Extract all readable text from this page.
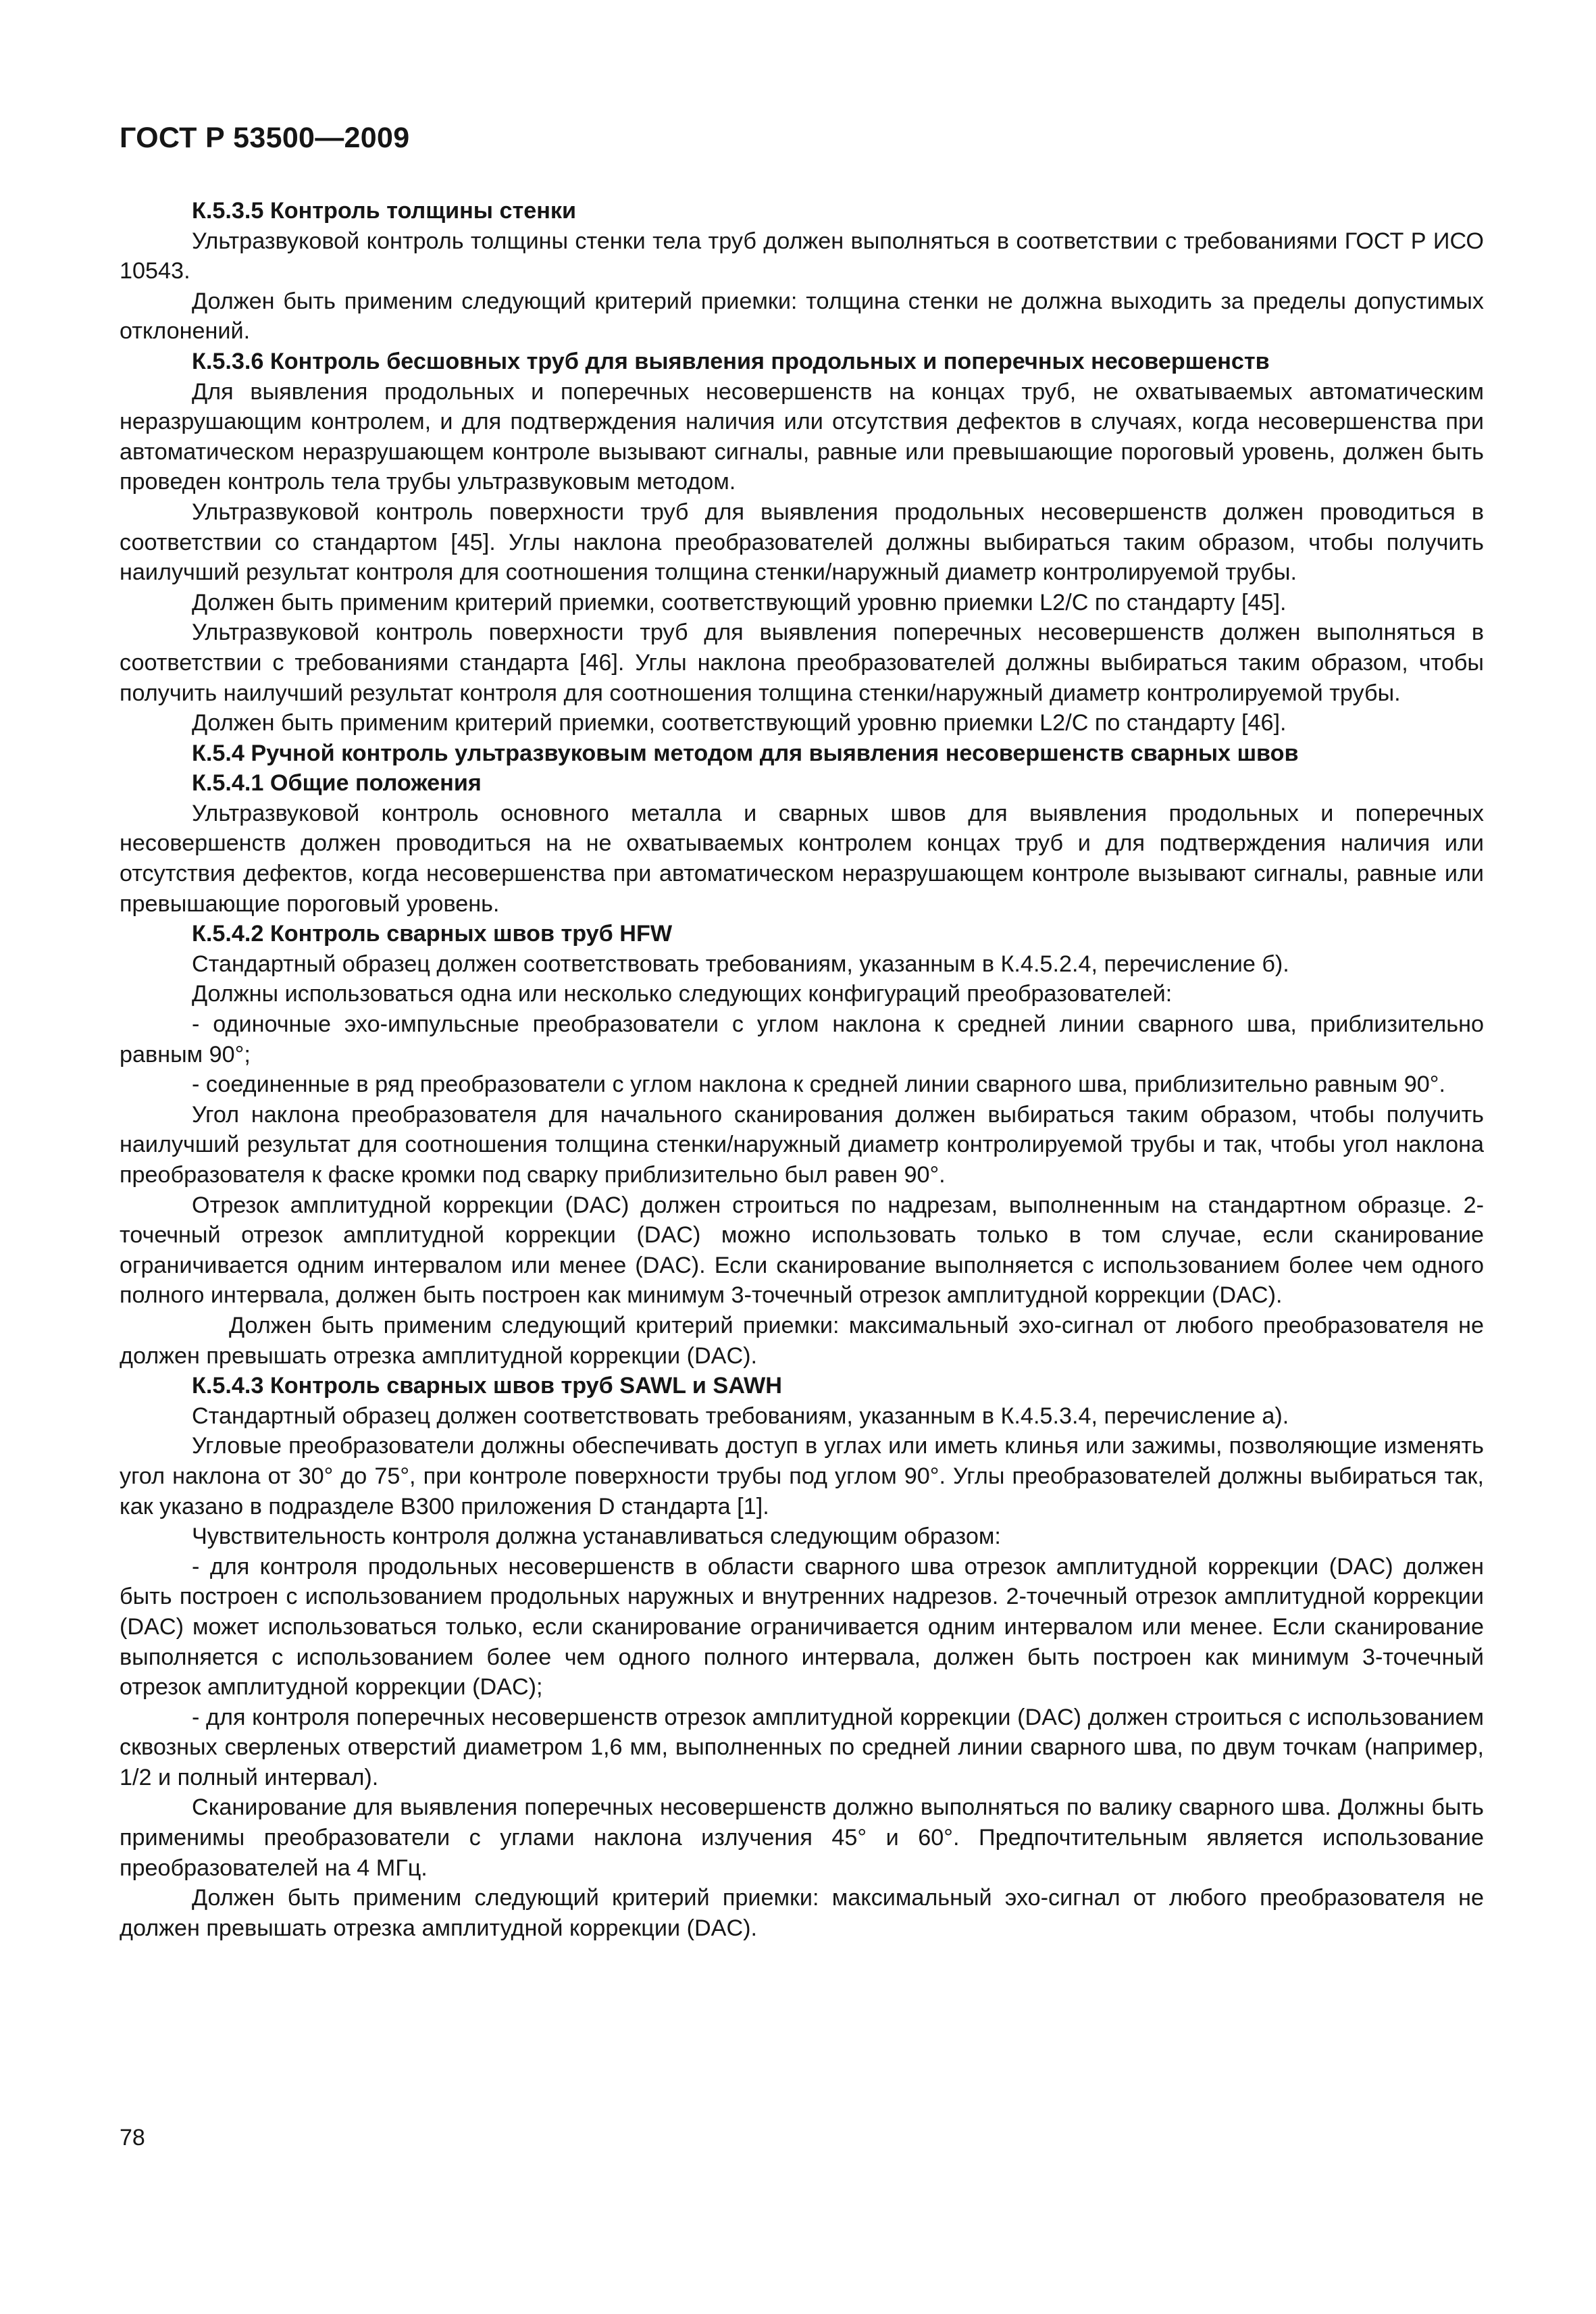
ГОСТ Р 53500—2009

К.5.3.5 Контроль толщины стенки

Ультразвуковой контроль толщины стенки тела труб должен выполняться в соответствии с требованиями ГОСТ Р ИСО 10543.

Должен быть применим следующий критерий приемки: толщина стенки не должна выходить за пределы допустимых отклонений.

К.5.3.6 Контроль бесшовных труб для выявления продольных и поперечных несовершенств

Для выявления продольных и поперечных несовершенств на концах труб, не охватываемых автоматическим неразрушающим контролем, и для подтверждения наличия или отсутствия дефектов в случаях, когда несовершенства при автоматическом неразрушающем контроле вызывают сигналы, равные или превышающие пороговый уровень, должен быть проведен контроль тела трубы ультразвуковым методом.

Ультразвуковой контроль поверхности труб для выявления продольных несовершенств должен проводиться в соответствии со стандартом [45]. Углы наклона преобразователей должны выбираться таким образом, чтобы получить наилучший результат контроля для соотношения толщина стенки/наружный диаметр контролируемой трубы.

Должен быть применим критерий приемки, соответствующий уровню приемки L2/C по стандарту [45].

Ультразвуковой контроль поверхности труб для выявления поперечных несовершенств должен выполняться в соответствии с требованиями стандарта [46]. Углы наклона преобразователей должны выбираться таким образом, чтобы получить наилучший результат контроля для соотношения толщина стенки/наружный диаметр контролируемой трубы.

Должен быть применим критерий приемки, соответствующий уровню приемки L2/C по стандарту [46].

К.5.4 Ручной контроль ультразвуковым методом для выявления несовершенств сварных швов

К.5.4.1 Общие положения

Ультразвуковой контроль основного металла и сварных швов для выявления продольных и поперечных несовершенств должен проводиться на не охватываемых контролем концах труб и для подтверждения наличия или отсутствия дефектов, когда несовершенства при автоматическом неразрушающем контроле вызывают сигналы, равные или превышающие пороговый уровень.

К.5.4.2 Контроль сварных швов труб HFW

Стандартный образец должен соответствовать требованиям, указанным в К.4.5.2.4, перечисление б).

Должны использоваться одна или несколько следующих конфигураций преобразователей:

- одиночные эхо-импульсные преобразователи с углом наклона к средней линии сварного шва, приблизительно равным 90°;

- соединенные в ряд преобразователи с углом наклона к средней линии сварного шва, приблизительно равным 90°.

Угол наклона преобразователя для начального сканирования должен выбираться таким образом, чтобы получить наилучший результат для соотношения толщина стенки/наружный диаметр контролируемой трубы и так, чтобы угол наклона преобразователя к фаске кромки под сварку приблизительно был равен 90°.

Отрезок амплитудной коррекции (DAC) должен строиться по надрезам, выполненным на стандартном образце. 2-точечный отрезок амплитудной коррекции (DAC) можно использовать только в том случае, если сканирование ограничивается одним интервалом или менее (DAC). Если сканирование выполняется с использованием более чем одного полного интервала, должен быть построен как минимум 3-точечный отрезок амплитудной коррекции (DAC).

Должен быть применим следующий критерий приемки: максимальный эхо-сигнал от любого преобразователя не должен превышать отрезка амплитудной коррекции (DAC).

К.5.4.3 Контроль сварных швов труб SAWL и SAWH

Стандартный образец должен соответствовать требованиям, указанным в К.4.5.3.4, перечисление а).

Угловые преобразователи должны обеспечивать доступ в углах или иметь клинья или зажимы, позволяющие изменять угол наклона от 30° до 75°, при контроле поверхности трубы под углом 90°. Углы преобразователей должны выбираться так, как указано в подразделе В300 приложения D стандарта [1].

Чувствительность контроля должна устанавливаться следующим образом:

- для контроля продольных несовершенств в области сварного шва отрезок амплитудной коррекции (DAC) должен быть построен с использованием продольных наружных и внутренних надрезов. 2-точечный отрезок амплитудной коррекции (DAC) может использоваться только, если сканирование ограничивается одним интервалом или менее. Если сканирование выполняется с использованием более чем одного полного интервала, должен быть построен как минимум 3-точечный отрезок амплитудной коррекции (DAC);

- для контроля поперечных несовершенств отрезок амплитудной коррекции (DAC) должен строиться с использованием сквозных сверленых отверстий диаметром 1,6 мм, выполненных по средней линии сварного шва, по двум точкам (например, 1/2 и полный интервал).

Сканирование для выявления поперечных несовершенств должно выполняться по валику сварного шва. Должны быть применимы преобразователи с углами наклона излучения 45° и 60°. Предпочтительным является использование преобразователей на 4 МГц.

Должен быть применим следующий критерий приемки: максимальный эхо-сигнал от любого преобразователя не должен превышать отрезка амплитудной коррекции (DAC).

78
